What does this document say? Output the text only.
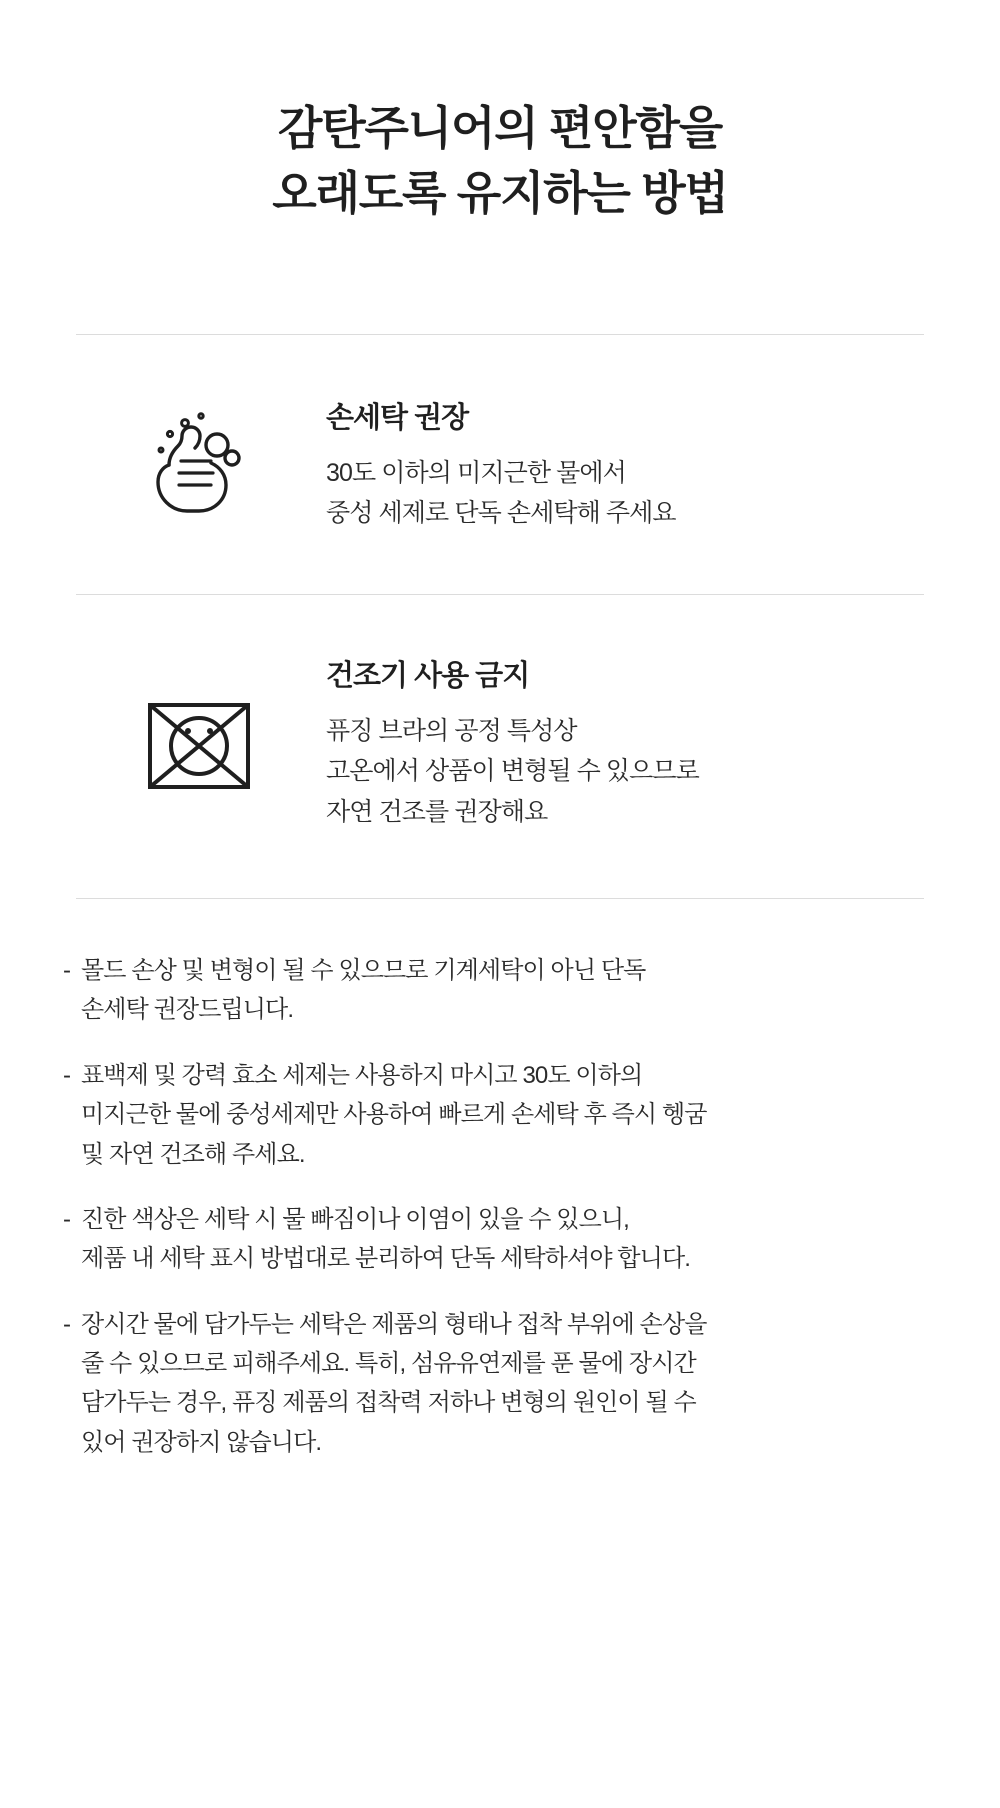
감탄주니어의 편안함을
오래도록 유지하는 방법
손세탁 권장
30도 이하의 미지근한 물에서
중성 세제로 단독 손세탁해 주세요
건조기 사용 금지
퓨징 브라의 공정 특성상
고온에서 상품이 변형될 수 있으므로
자연 건조를 권장해요
- 몰드 손상 및 변형이 될 수 있으므로 기계세탁이 아닌 단독
손세탁 권장드립니다.
- 표백제 및 강력 효소 세제는 사용하지 마시고 30도 이하의
미지근한 물에 중성세제만 사용하여 빠르게 손세탁 후 즉시 헹굼
및 자연 건조해 주세요.
- 진한 색상은 세탁 시 물 빠짐이나 이염이 있을 수 있으니,
제품 내 세탁 표시 방법대로 분리하여 단독 세탁하셔야 합니다.
- 장시간 물에 담가두는 세탁은 제품의 형태나 접착 부위에 손상을
줄 수 있으므로 피해주세요. 특히, 섬유유연제를 푼 물에 장시간
담가두는 경우, 퓨징 제품의 접착력 저하나 변형의 원인이 될 수
있어 권장하지 않습니다.
